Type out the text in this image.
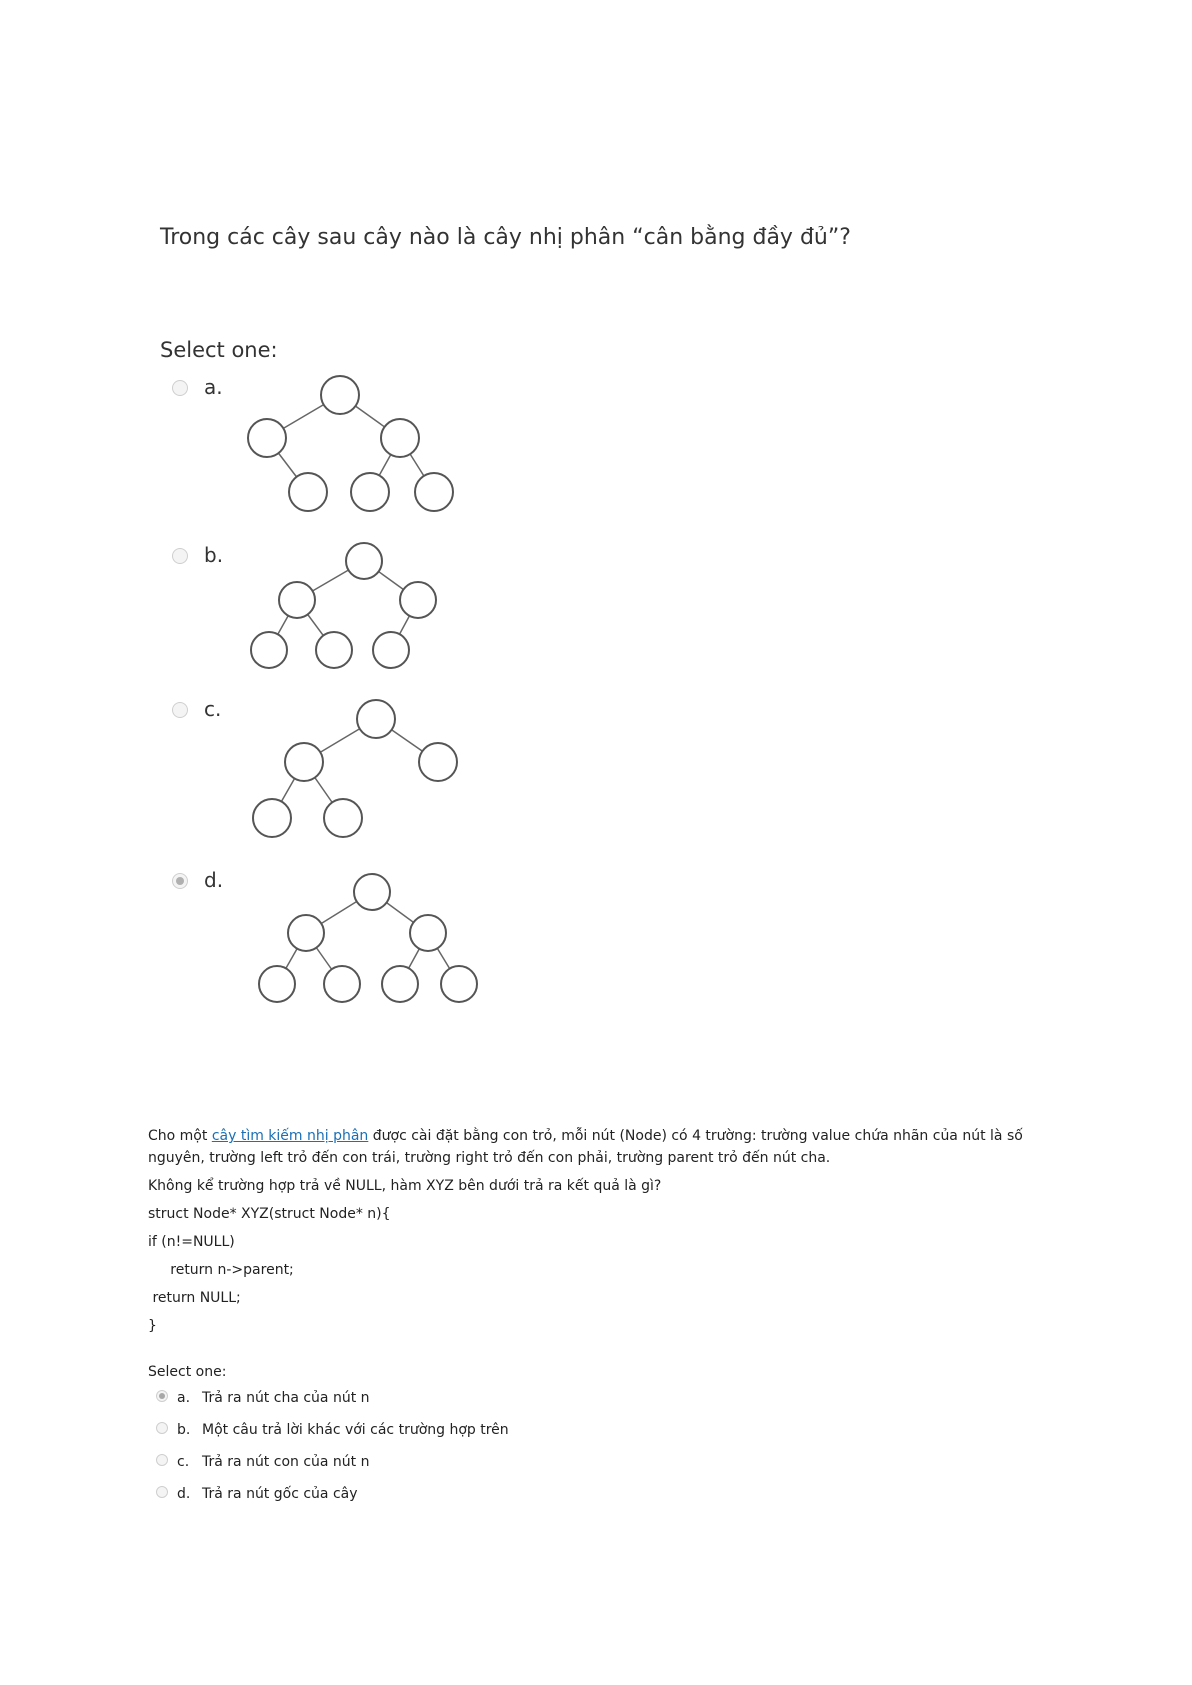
Trong các cây sau cây nào là cây nhị phân “cân bằng đầy đủ”?
Select one:
a.
b.
c.
d.

Cho một cây tìm kiếm nhị phân được cài đặt bằng con trỏ, mỗi nút (Node) có 4 trường: trường value chứa nhãn của nút là số nguyên, trường left trỏ đến con trái, trường right trỏ đến con phải, trường parent trỏ đến nút cha.

Không kể trường hợp trả về NULL, hàm XYZ bên dưới trả ra kết quả là gì?

struct Node* XYZ(struct Node* n){
if (n!=NULL)
return n->parent;
return NULL;
}
Select one:
a. Trả ra nút cha của nút n
b. Một câu trả lời khác với các trường hợp trên
c. Trả ra nút con của nút n
d. Trả ra nút gốc của cây
